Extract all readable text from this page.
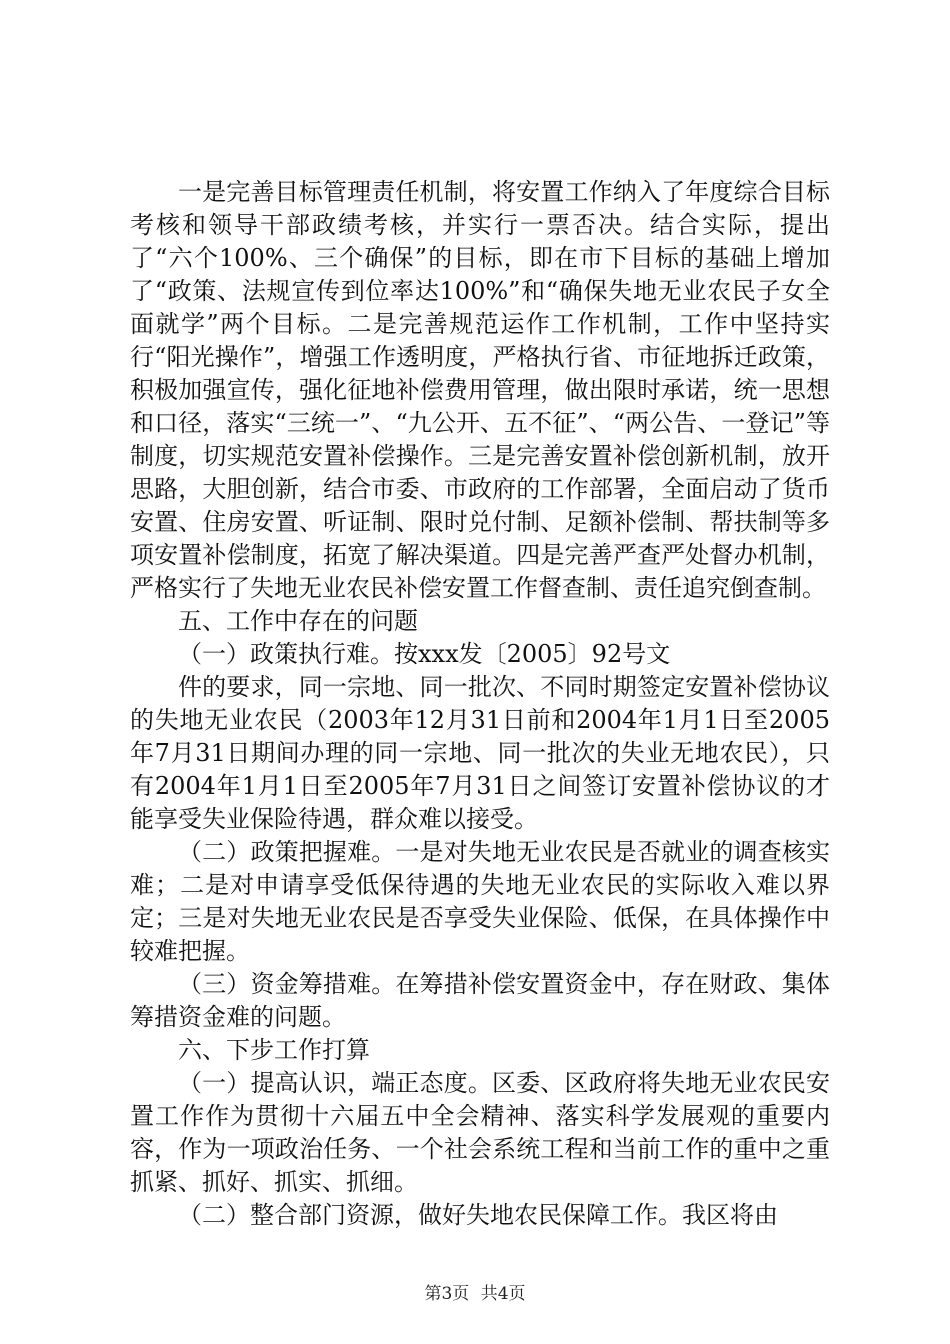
一是完善目标管理责任机制，将安置工作纳入了年度综合目标考核和领导干部政绩考核，并实行一票否决。结合实际，提出了“六个100%、三个确保”的目标，即在市下目标的基础上增加了“政策、法规宣传到位率达100%”和“确保失地无业农民子女全面就学”两个目标。二是完善规范运作工作机制，工作中坚持实行“阳光操作”，增强工作透明度，严格执行省、市征地拆迁政策，积极加强宣传，强化征地补偿费用管理，做出限时承诺，统一思想和口径，落实“三统一”、“九公开、五不征”、“两公告、一登记”等制度，切实规范安置补偿操作。三是完善安置补偿创新机制，放开思路，大胆创新，结合市委、市政府的工作部署，全面启动了货币安置、住房安置、听证制、限时兑付制、足额补偿制、帮扶制等多项安置补偿制度，拓宽了解决渠道。四是完善严查严处督办机制，严格实行了失地无业农民补偿安置工作督查制、责任追究倒查制。

五、工作中存在的问题

（一）政策执行难。按xxx发〔2005〕92号文

件的要求，同一宗地、同一批次、不同时期签定安置补偿协议的失地无业农民（2003年12月31日前和2004年1月1日至2005年7月31日期间办理的同一宗地、同一批次的失业无地农民），只有2004年1月1日至2005年7月31日之间签订安置补偿协议的才能享受失业保险待遇，群众难以接受。

（二）政策把握难。一是对失地无业农民是否就业的调查核实难；二是对申请享受低保待遇的失地无业农民的实际收入难以界定；三是对失地无业农民是否享受失业保险、低保，在具体操作中较难把握。

（三）资金筹措难。在筹措补偿安置资金中，存在财政、集体筹措资金难的问题。

六、下步工作打算

（一）提高认识，端正态度。区委、区政府将失地无业农民安置工作作为贯彻十六届五中全会精神、落实科学发展观的重要内容，作为一项政治任务、一个社会系统工程和当前工作的重中之重抓紧、抓好、抓实、抓细。

（二）整合部门资源，做好失地农民保障工作。我区将由

第3页 共4页
